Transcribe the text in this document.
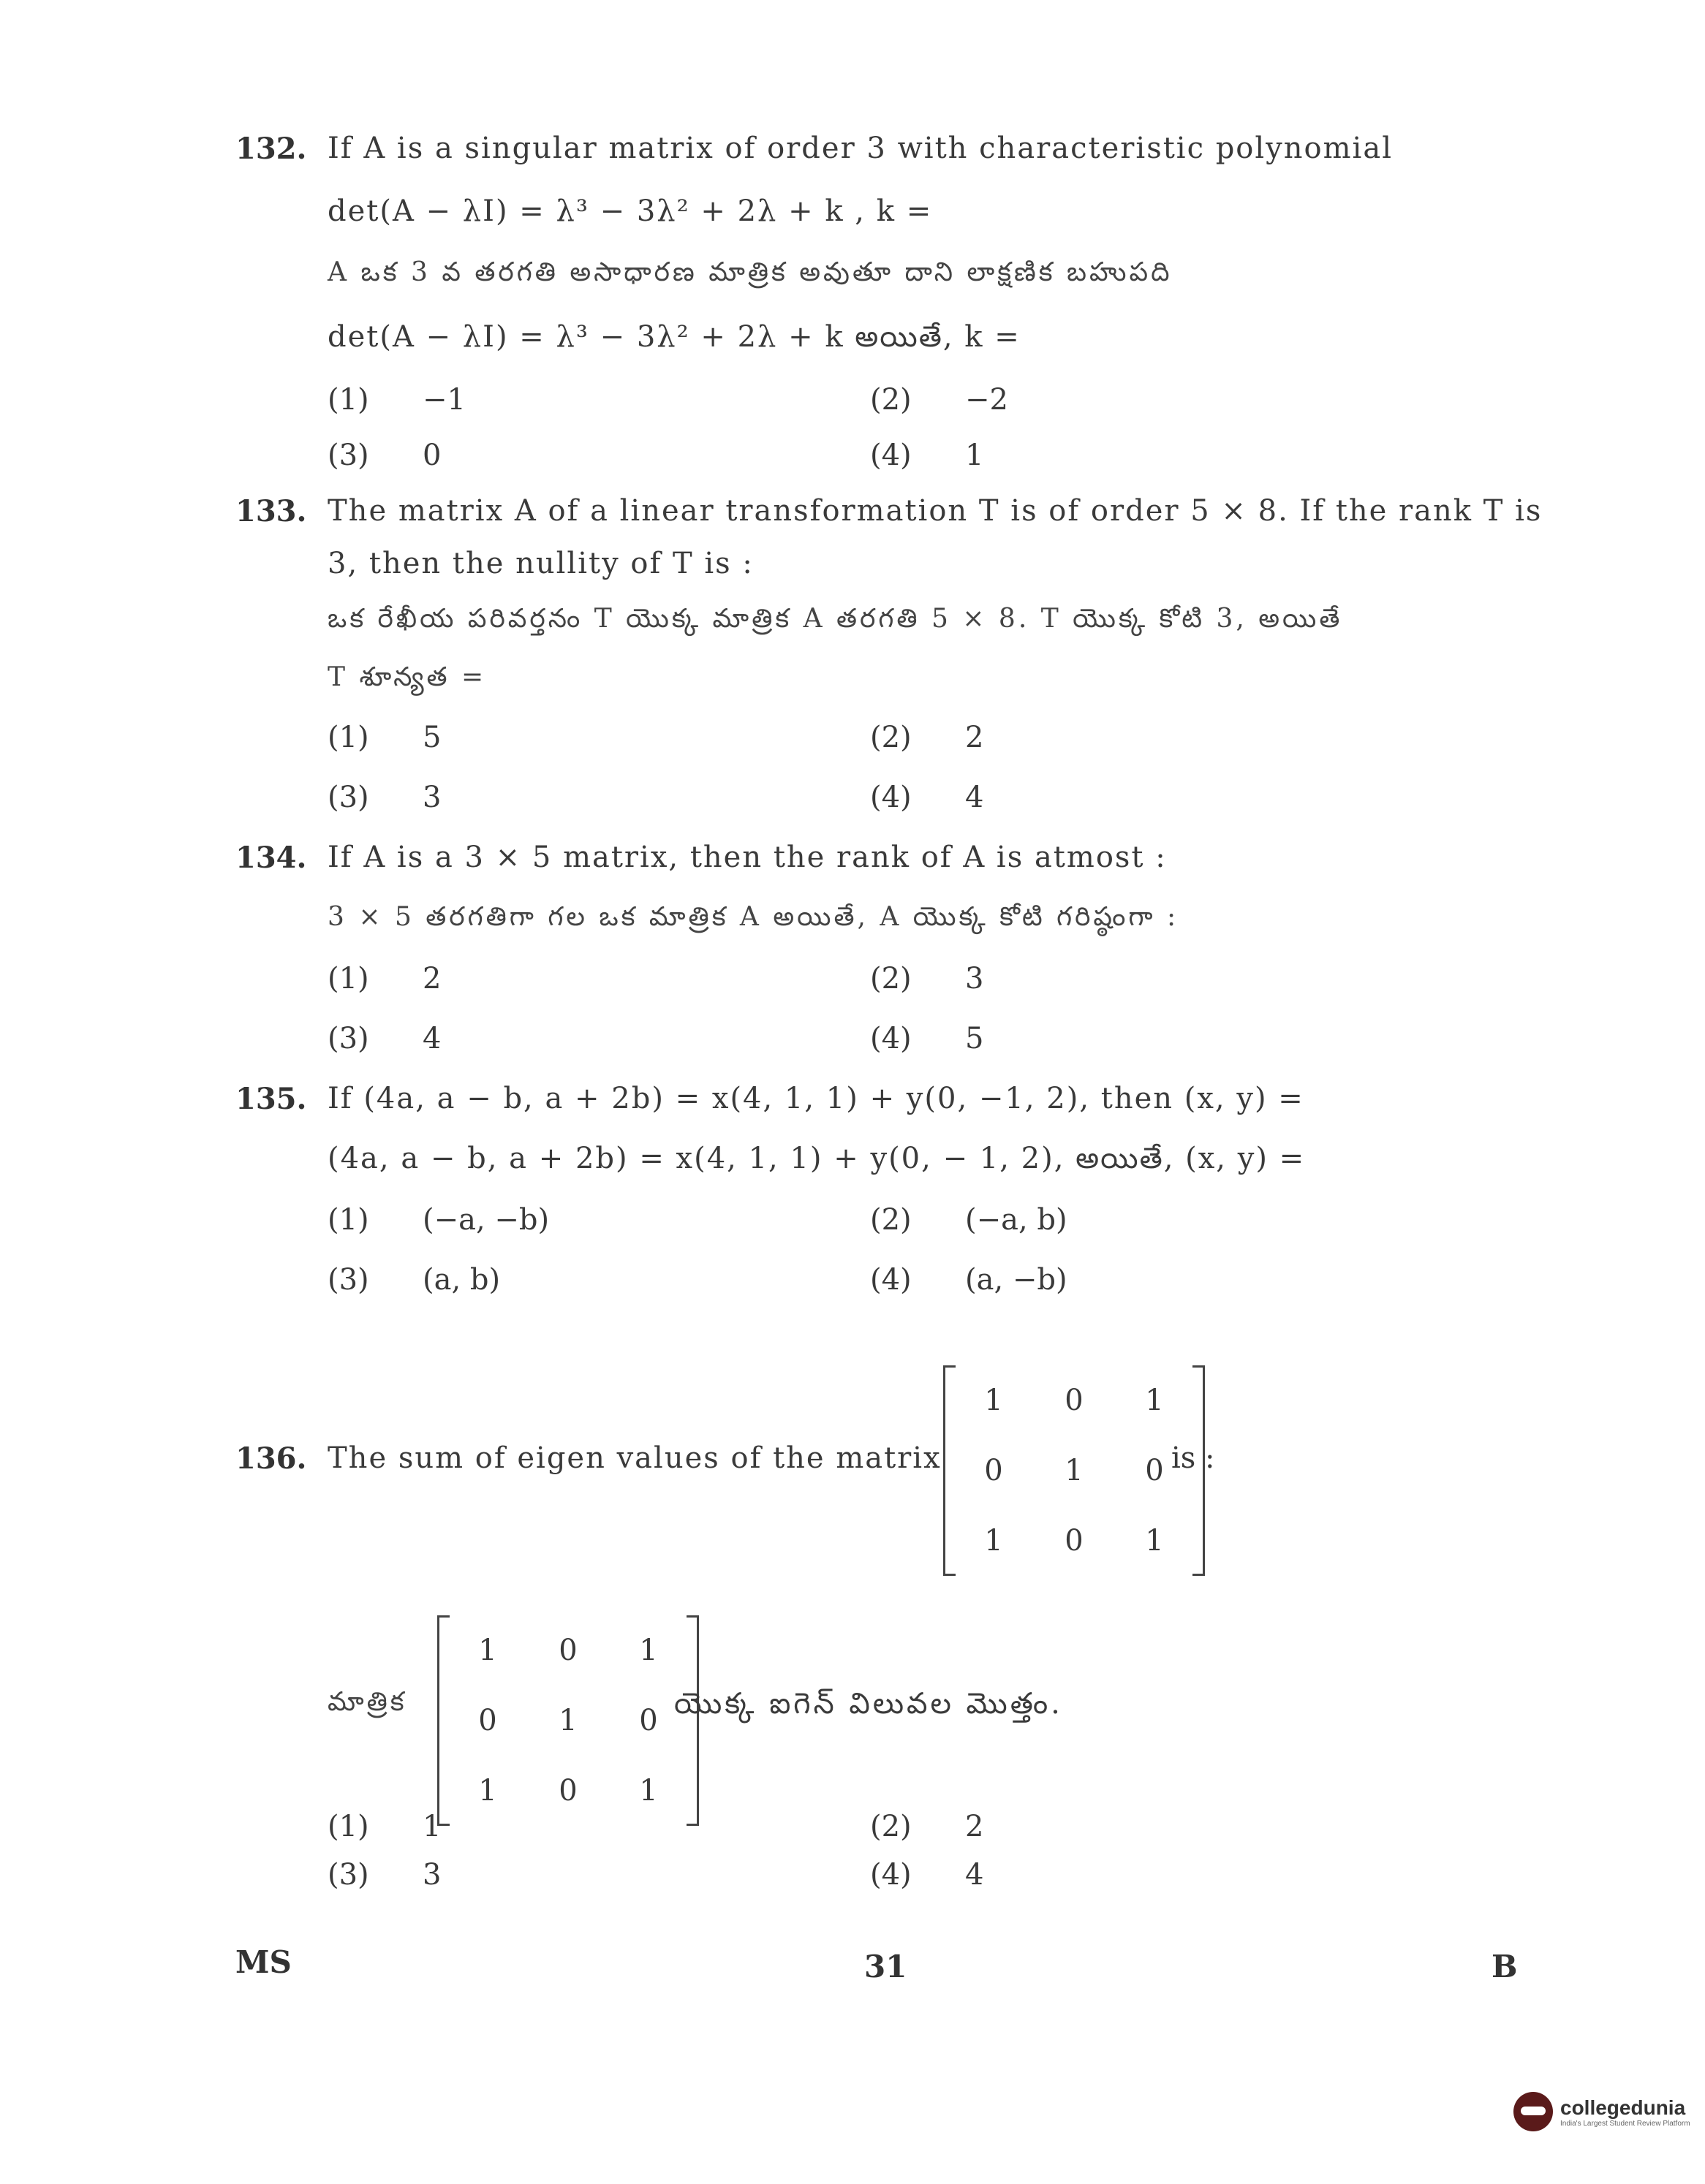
132. If A is a singular matrix of order 3 with characteristic polynomial
det(A − λI) = λ³ − 3λ² + 2λ + k , k =
A ఒక 3 వ తరగతి అసాధారణ మాత్రిక అవుతూ దాని లాక్షణిక బహుపది
det(A − λI) = λ³ − 3λ² + 2λ + k అయితే, k =
(1) −1	(2) −2
(3) 0	(4) 1
133. The matrix A of a linear transformation T is of order 5 × 8. If the rank T is
3, then the nullity of T is :
ఒక రేఖీయ పరివర్తనం T యొక్క మాత్రిక A తరగతి 5 × 8. T యొక్క కోటి 3, అయితే
T శూన్యత =
(1) 5	(2) 2
(3) 3	(4) 4
134. If A is a 3 × 5 matrix, then the rank of A is atmost :
3 × 5 తరగతిగా గల ఒక మాత్రిక A అయితే, A యొక్క కోటి గరిష్ఠంగా :
(1) 2	(2) 3
(3) 4	(4) 5
135. If (4a, a − b, a + 2b) = x(4, 1, 1) + y(0, −1, 2), then (x, y) =
(4a, a − b, a + 2b) = x(4, 1, 1) + y(0, − 1, 2), అయితే, (x, y) =
(1) (−a, −b)	(2) (−a, b)
(3) (a, b)	(4) (a, −b)
136. The sum of eigen values of the matrix
1 0 1
0 1 0
1 0 1
is :
మాత్రిక
1 0 1
0 1 0
1 0 1
యొక్క ఐగెన్ విలువల మొత్తం.
(1) 1	(2) 2
(3) 3	(4) 4
MS	31	B
collegedunia
India's Largest Student Review Platform
